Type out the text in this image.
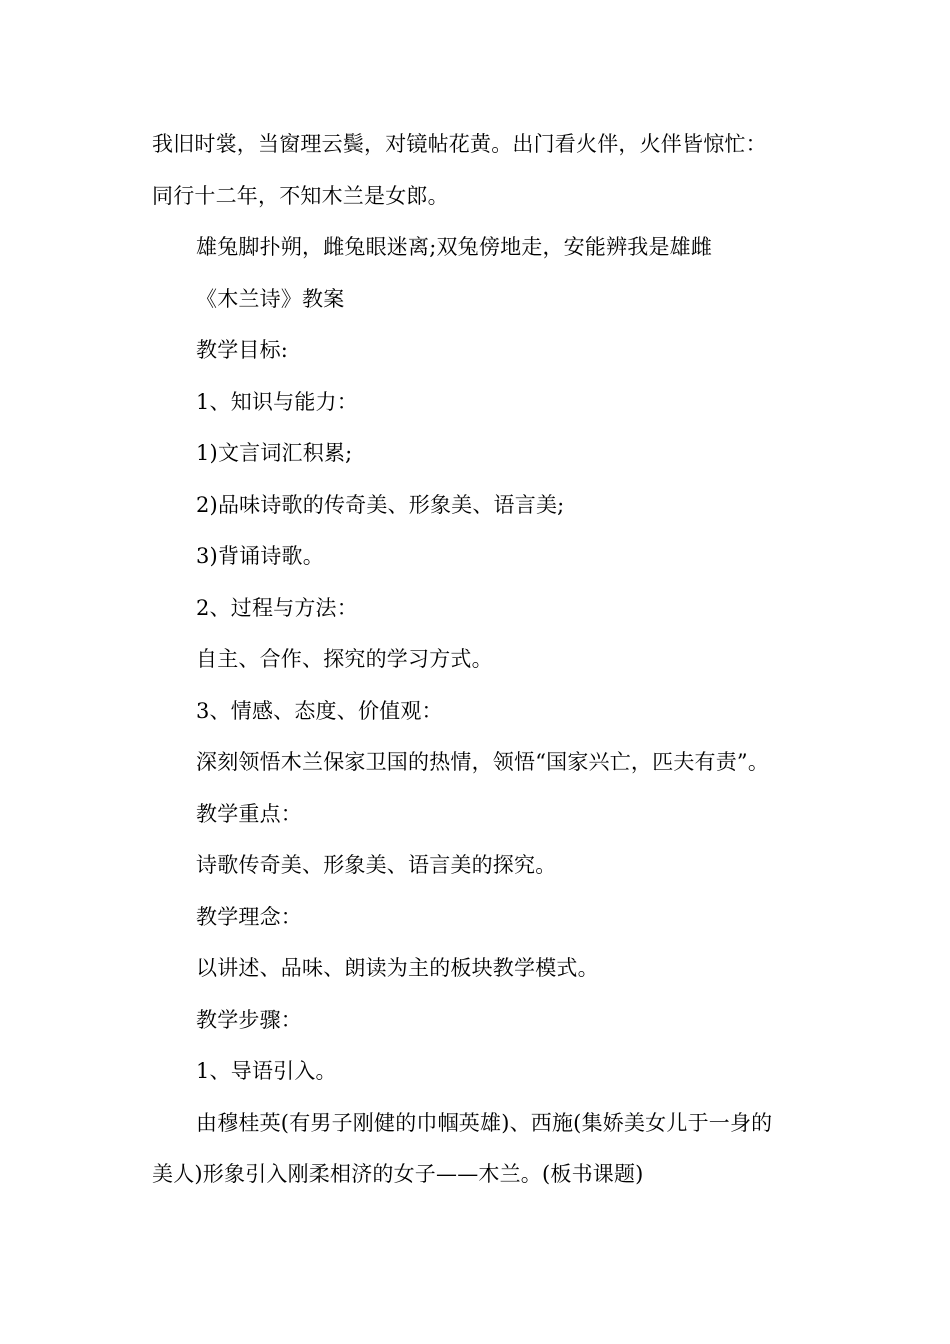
我旧时裳，当窗理云鬓，对镜帖花黄。出门看火伴，火伴皆惊忙：
同行十二年，不知木兰是女郎。
雄兔脚扑朔，雌兔眼迷离;双兔傍地走，安能辨我是雄雌
《木兰诗》教案
教学目标:
1、知识与能力：
1)文言词汇积累;
2)品味诗歌的传奇美、形象美、语言美;
3)背诵诗歌。
2、过程与方法：
自主、合作、探究的学习方式。
3、情感、态度、价值观：
深刻领悟木兰保家卫国的热情，领悟“国家兴亡，匹夫有责”。
教学重点：
诗歌传奇美、形象美、语言美的探究。
教学理念：
以讲述、品味、朗读为主的板块教学模式。
教学步骤：
1、导语引入。
由穆桂英(有男子刚健的巾帼英雄)、西施(集娇美女儿于一身的
美人)形象引入刚柔相济的女子——木兰。(板书课题)
